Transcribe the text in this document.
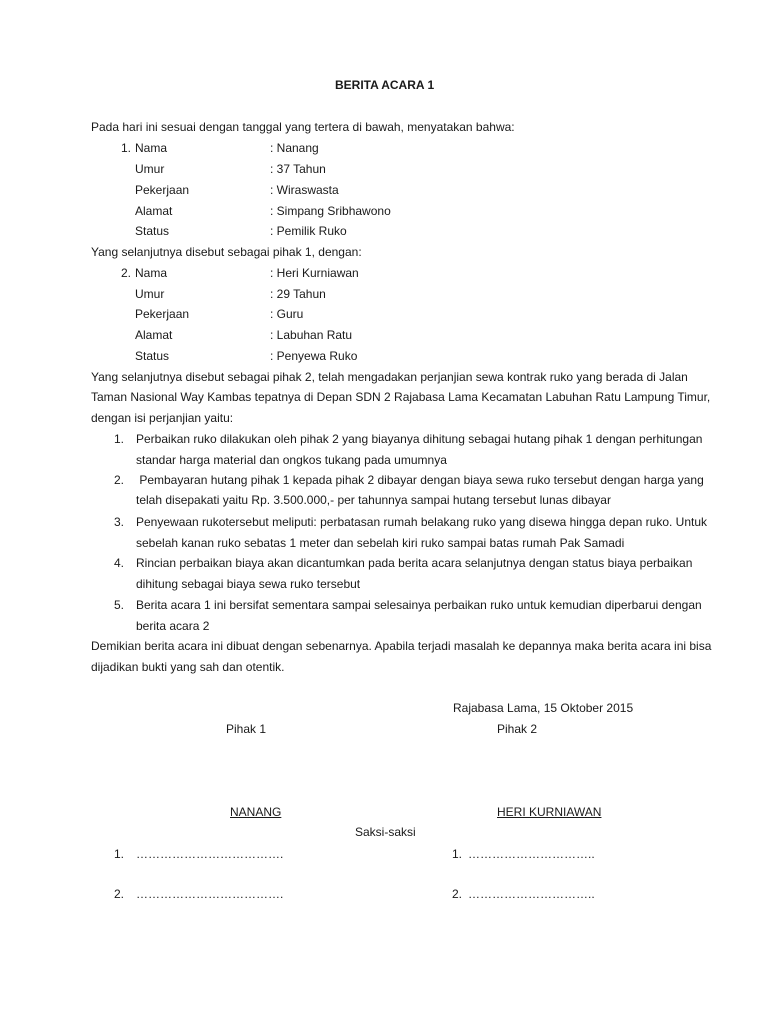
BERITA ACARA 1
Pada hari ini sesuai dengan tanggal yang tertera di bawah, menyatakan bahwa:
1. Nama	: Nanang
Umur	: 37 Tahun
Pekerjaan	: Wiraswasta
Alamat	: Simpang Sribhawono
Status	: Pemilik Ruko
Yang selanjutnya disebut sebagai pihak 1, dengan:
2. Nama	: Heri Kurniawan
Umur	: 29 Tahun
Pekerjaan	: Guru
Alamat	: Labuhan Ratu
Status	: Penyewa Ruko
Yang selanjutnya disebut sebagai pihak 2, telah mengadakan perjanjian sewa kontrak ruko yang berada di Jalan
Taman Nasional Way Kambas tepatnya di Depan SDN 2 Rajabasa Lama Kecamatan Labuhan Ratu Lampung Timur,
dengan isi perjanjian yaitu:
1. Perbaikan ruko dilakukan oleh pihak 2 yang biayanya dihitung sebagai hutang pihak 1 dengan perhitungan
standar harga material dan ongkos tukang pada umumnya
2. Pembayaran hutang pihak 1 kepada pihak 2 dibayar dengan biaya sewa ruko tersebut dengan harga yang
telah disepakati yaitu Rp. 3.500.000,- per tahunnya sampai hutang tersebut lunas dibayar
3. Penyewaan rukotersebut meliputi: perbatasan rumah belakang ruko yang disewa hingga depan ruko. Untuk
sebelah kanan ruko sebatas 1 meter dan sebelah kiri ruko sampai batas rumah Pak Samadi
4. Rincian perbaikan biaya akan dicantumkan pada berita acara selanjutnya dengan status biaya perbaikan
dihitung sebagai biaya sewa ruko tersebut
5. Berita acara 1 ini bersifat sementara sampai selesainya perbaikan ruko untuk kemudian diperbarui dengan
berita acara 2
Demikian berita acara ini dibuat dengan sebenarnya. Apabila terjadi masalah ke depannya maka berita acara ini bisa
dijadikan bukti yang sah dan otentik.
Rajabasa Lama, 15 Oktober 2015
Pihak 1	Pihak 2
NANANG	HERI KURNIAWAN
Saksi-saksi
1. ……………………………….	1. …………………………..
2. ……………………………….	2. …………………………..
